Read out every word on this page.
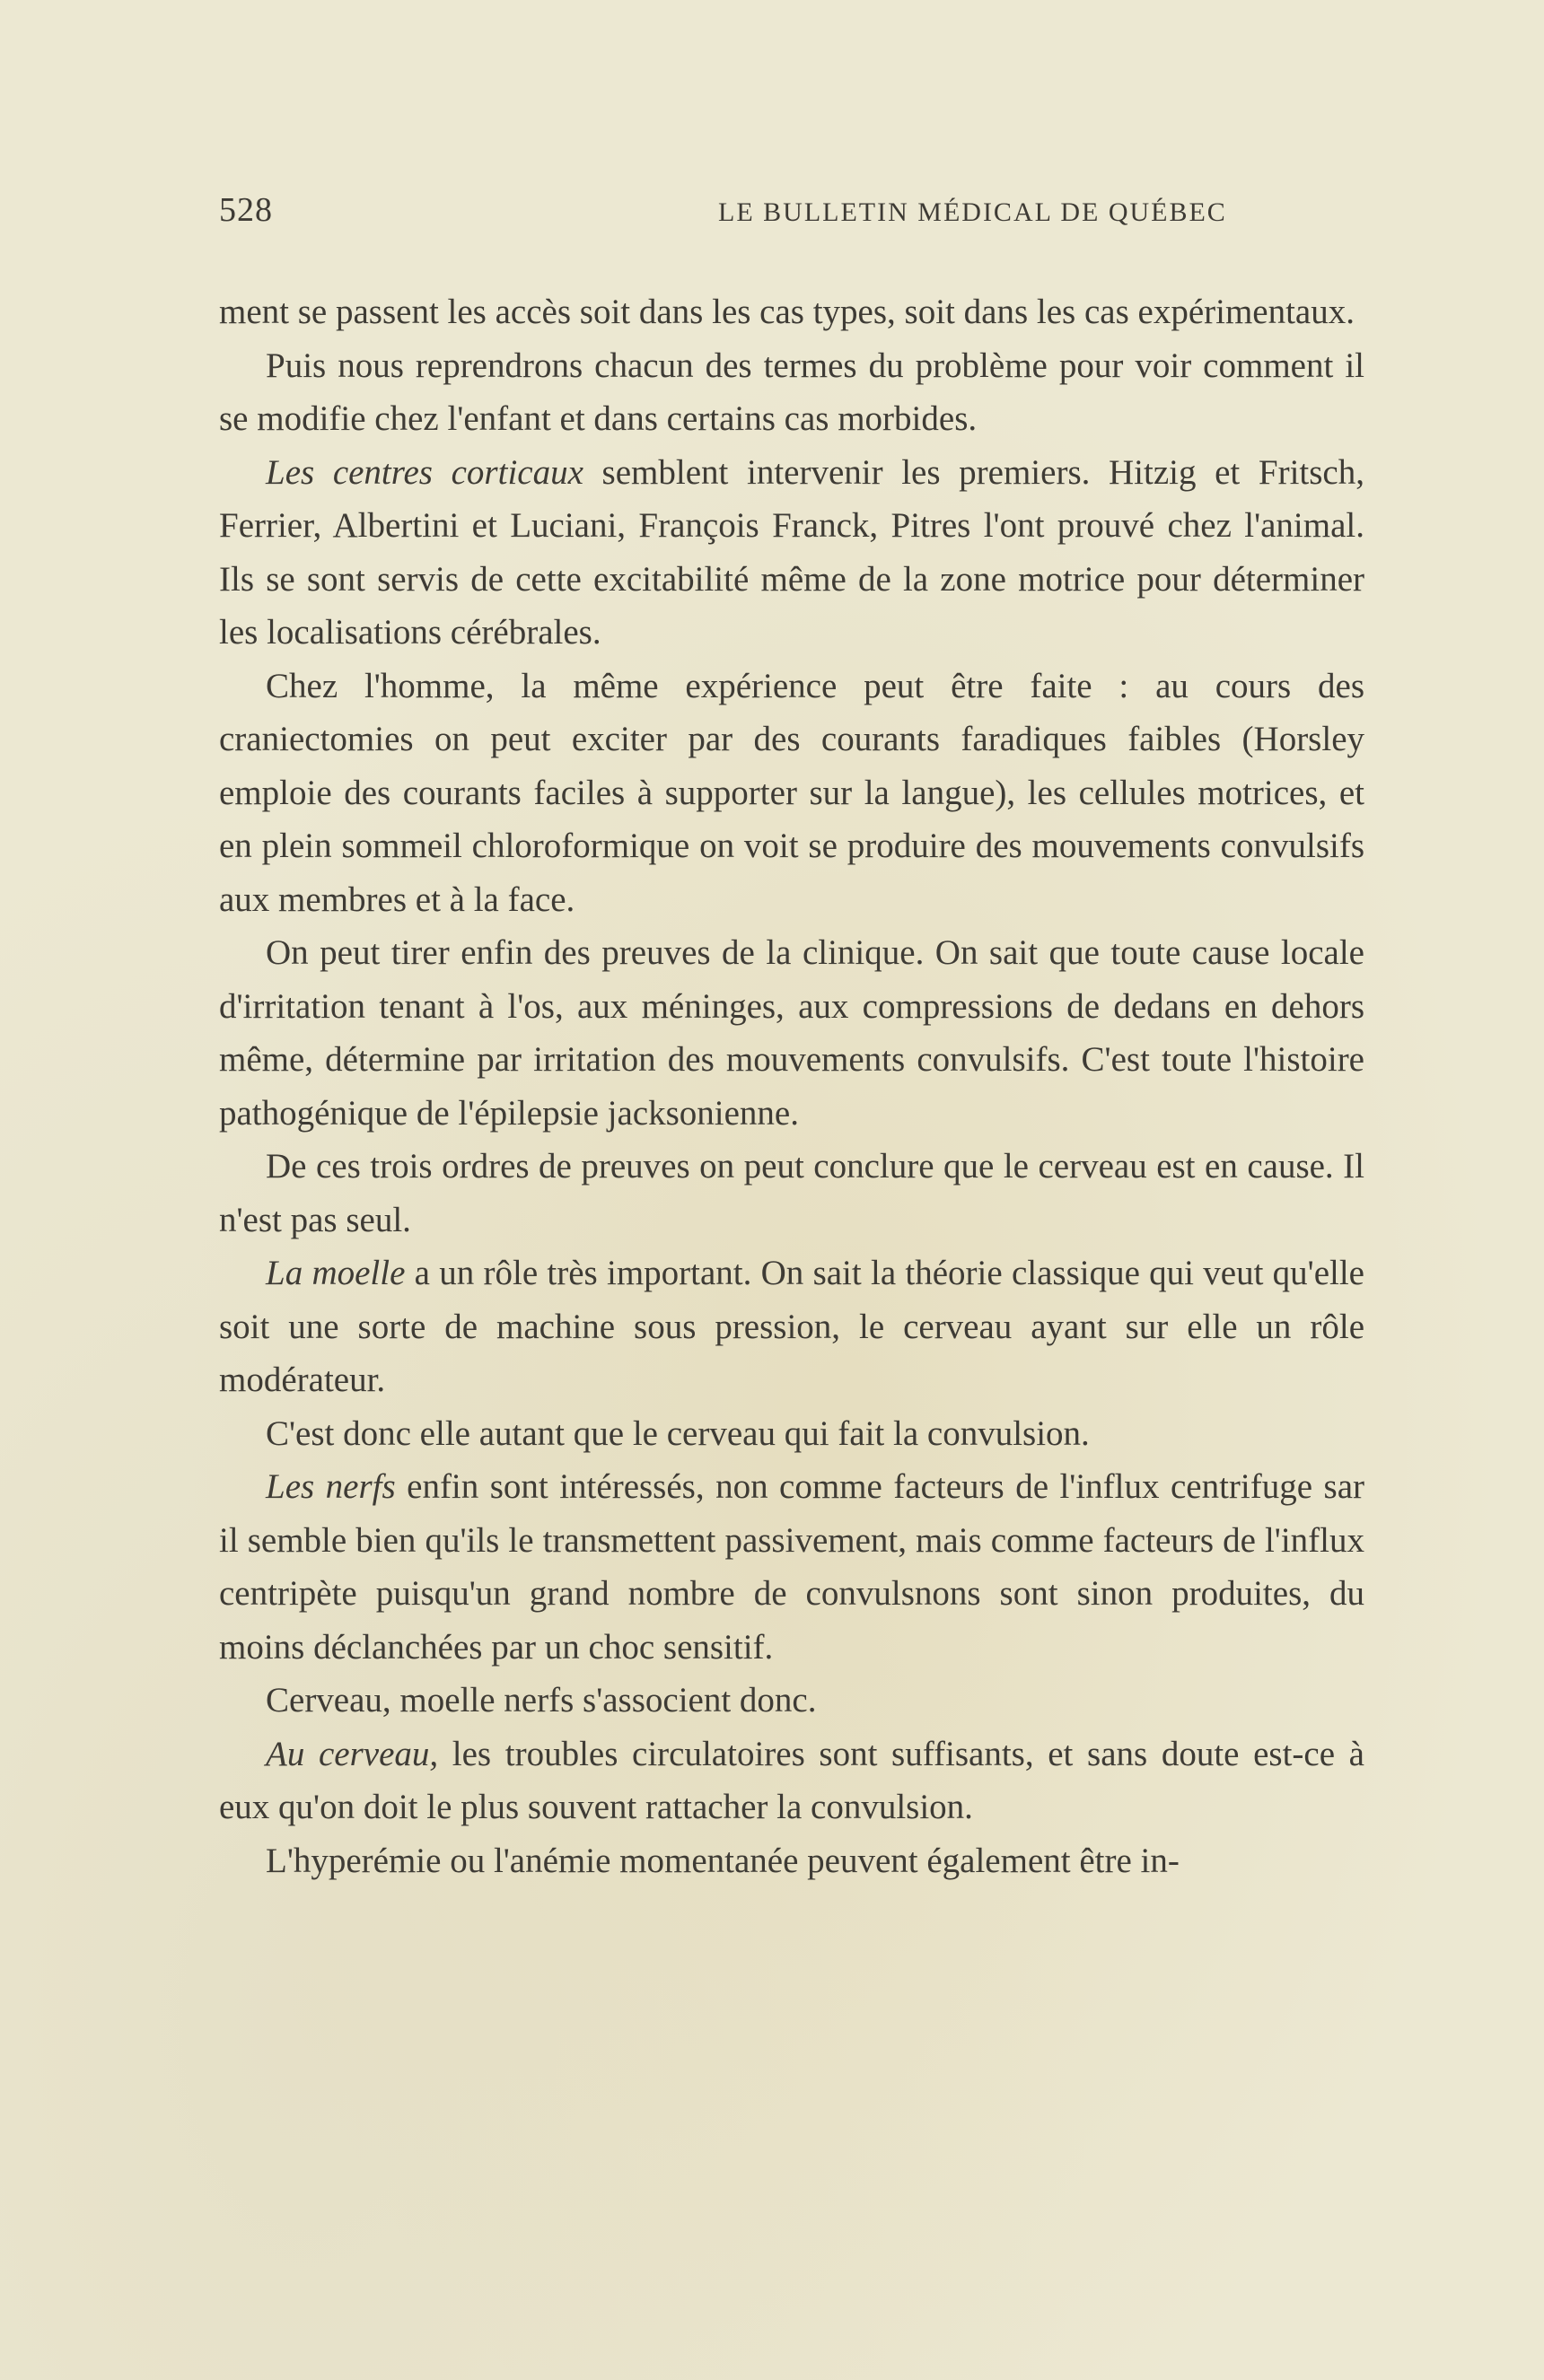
528	LE BULLETIN MÉDICAL DE QUÉBEC

ment se passent les accès soit dans les cas types, soit dans les cas expérimentaux.

Puis nous reprendrons chacun des termes du problème pour voir comment il se modifie chez l'enfant et dans certains cas morbides.

Les centres corticaux semblent intervenir les premiers. Hitzig et Fritsch, Ferrier, Albertini et Luciani, François Franck, Pitres l'ont prouvé chez l'animal. Ils se sont servis de cette excitabilité même de la zone motrice pour déterminer les localisations cérébrales.

Chez l'homme, la même expérience peut être faite : au cours des craniectomies on peut exciter par des courants faradiques faibles (Horsley emploie des courants faciles à supporter sur la langue), les cellules motrices, et en plein sommeil chloroformique on voit se produire des mouvements convulsifs aux membres et à la face.

On peut tirer enfin des preuves de la clinique. On sait que toute cause locale d'irritation tenant à l'os, aux méninges, aux compressions de dedans en dehors même, détermine par irritation des mouvements convulsifs. C'est toute l'histoire pathogénique de l'épilepsie jacksonienne.

De ces trois ordres de preuves on peut conclure que le cerveau est en cause. Il n'est pas seul.

La moelle a un rôle très important. On sait la théorie classique qui veut qu'elle soit une sorte de machine sous pression, le cerveau ayant sur elle un rôle modérateur.

C'est donc elle autant que le cerveau qui fait la convulsion.

Les nerfs enfin sont intéressés, non comme facteurs de l'influx centrifuge sar il semble bien qu'ils le transmettent passivement, mais comme facteurs de l'influx centripète puisqu'un grand nombre de convulsnons sont sinon produites, du moins déclanchées par un choc sensitif.

Cerveau, moelle nerfs s'associent donc.

Au cerveau, les troubles circulatoires sont suffisants, et sans doute est-ce à eux qu'on doit le plus souvent rattacher la convulsion.

L'hyperémie ou l'anémie momentanée peuvent également être in-
